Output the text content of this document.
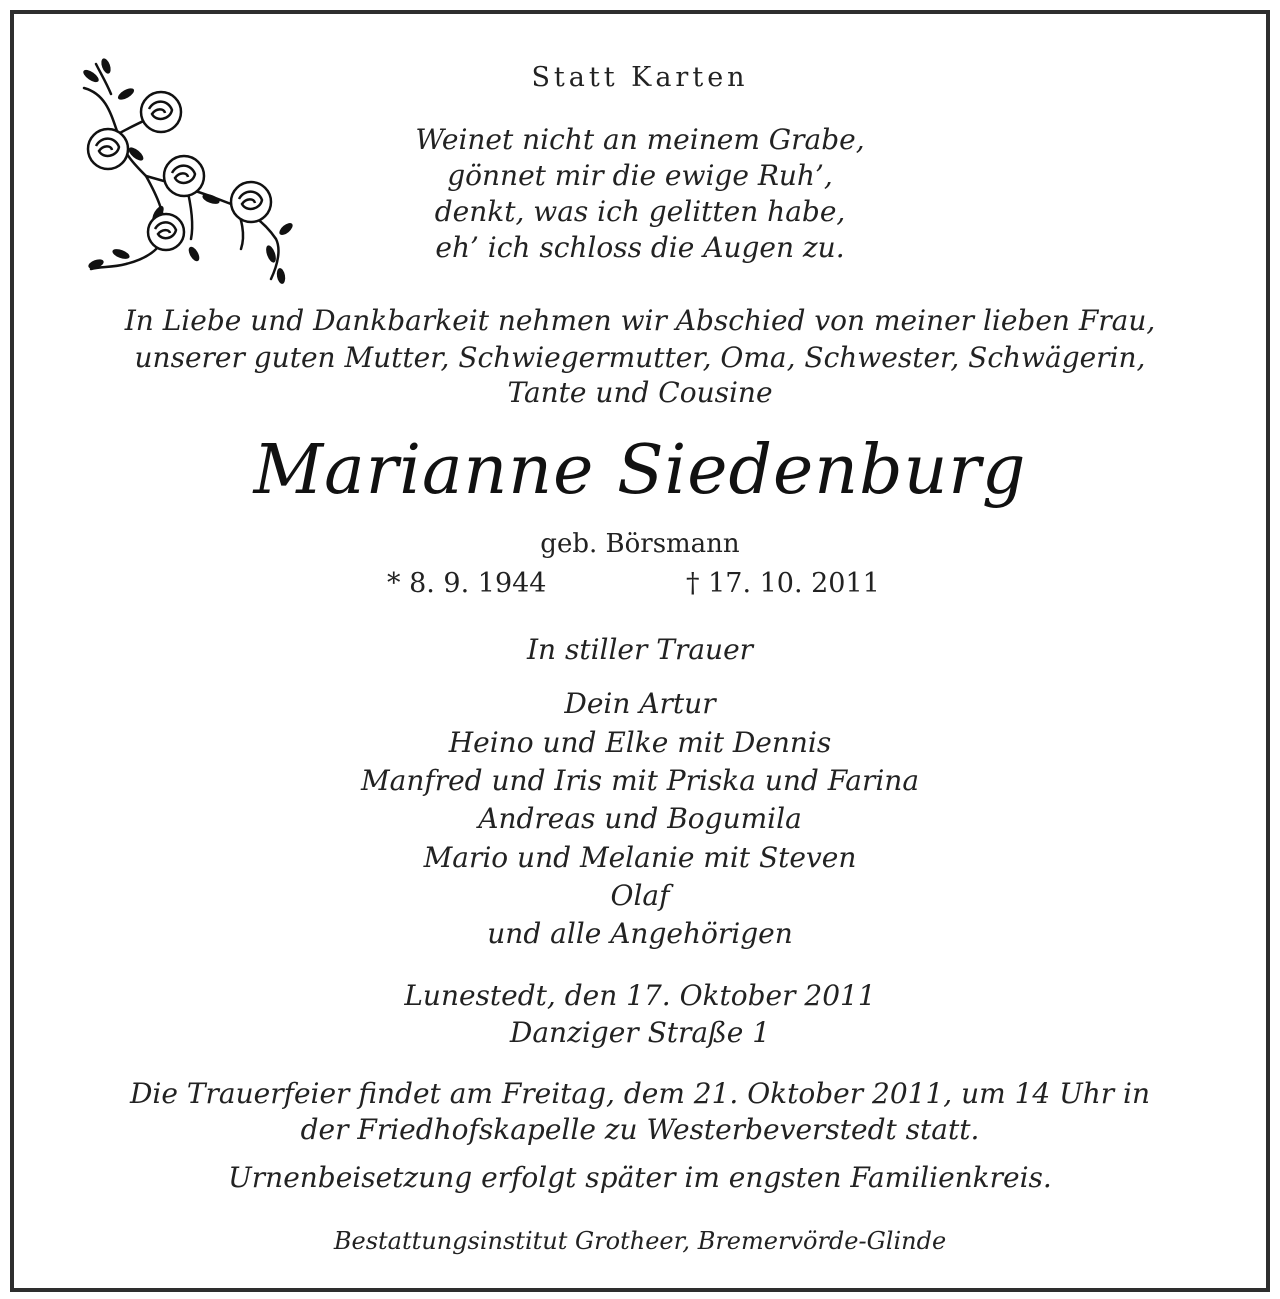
Statt Karten
Weinet nicht an meinem Grabe,
gönnet mir die ewige Ruh’,
denkt, was ich gelitten habe,
eh’ ich schloss die Augen zu.
In Liebe und Dankbarkeit nehmen wir Abschied von meiner lieben Frau,
unserer guten Mutter, Schwiegermutter, Oma, Schwester, Schwägerin,
Tante und Cousine
Marianne Siedenburg
geb. Börsmann
* 8. 9. 1944	† 17. 10. 2011
In stiller Trauer
Dein Artur
Heino und Elke mit Dennis
Manfred und Iris mit Priska und Farina
Andreas und Bogumila
Mario und Melanie mit Steven
Olaf
und alle Angehörigen
Lunestedt, den 17. Oktober 2011
Danziger Straße 1
Die Trauerfeier findet am Freitag, dem 21. Oktober 2011, um 14 Uhr in
der Friedhofskapelle zu Westerbeverstedt statt.
Urnenbeisetzung erfolgt später im engsten Familienkreis.
Bestattungsinstitut Grotheer, Bremervörde-Glinde
